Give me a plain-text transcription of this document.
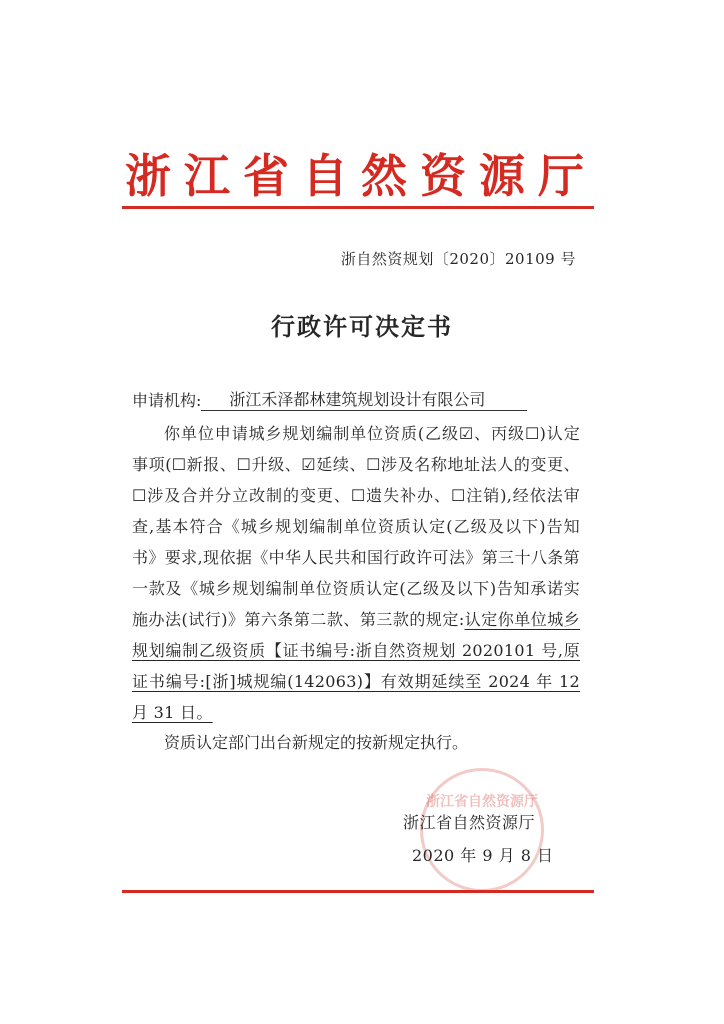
浙江省自然资源厅
浙自然资规划〔2020〕20109 号
行政许可决定书
申请机构:	浙江禾泽都林建筑规划设计有限公司

你单位申请城乡规划编制单位资质(乙级☑、丙级☐)认定事项(☐新报、☐升级、☑延续、☐涉及名称地址法人的变更、☐涉及合并分立改制的变更、☐遗失补办、☐注销),经依法审查,基本符合《城乡规划编制单位资质认定(乙级及以下)告知书》要求,现依据《中华人民共和国行政许可法》第三十八条第一款及《城乡规划编制单位资质认定(乙级及以下)告知承诺实施办法(试行)》第六条第二款、第三款的规定:认定你单位城乡规划编制乙级资质【证书编号:浙自然资规划 2020101 号,原证书编号:[浙]城规编(142063)】有效期延续至 2024 年 12 月 31 日。

资质认定部门出台新规定的按新规定执行。
浙江省自然资源厅
浙江省自然资源厅
2020 年 9 月 8 日
